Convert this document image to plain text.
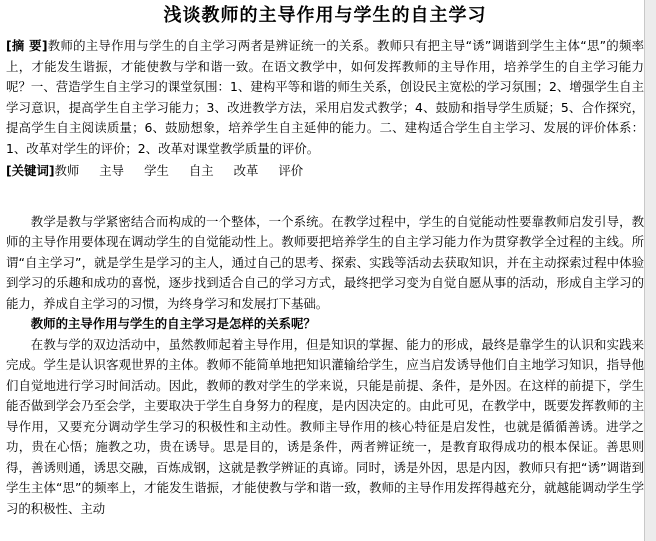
浅谈教师的主导作用与学生的自主学习

[摘 要]教师的主导作用与学生的自主学习两者是辨证统一的关系。教师只有把主导“诱”调谐到学生主体“思”的频率上，才能发生谐振，才能使教与学和谐一致。在语文教学中，如何发挥教师的主导作用，培养学生的自主学习能力呢？一、营造学生自主学习的课堂氛围：1、建构平等和谐的师生关系，创设民主宽松的学习氛围；2、增强学生自主学习意识，提高学生自主学习能力；3、改进教学方法，采用启发式教学；4、鼓励和指导学生质疑；5、合作探究，提高学生自主阅读质量；6、鼓励想象，培养学生自主延伸的能力。二、建构适合学生自主学习、发展的评价体系：1、改革对学生的评价；2、改革对课堂教学质量的评价。

[关键词]教师 主导 学生 自主 改革 评价

教学是教与学紧密结合而构成的一个整体，一个系统。在教学过程中，学生的自觉能动性要靠教师启发引导，教师的主导作用要体现在调动学生的自觉能动性上。教师要把培养学生的自主学习能力作为贯穿教学全过程的主线。所谓“自主学习”，就是学生是学习的主人，通过自己的思考、探索、实践等活动去获取知识，并在主动探索过程中体验到学习的乐趣和成功的喜悦，逐步找到适合自己的学习方式，最终把学习变为自觉自愿从事的活动，形成自主学习的能力，养成自主学习的习惯，为终身学习和发展打下基础。

教师的主导作用与学生的自主学习是怎样的关系呢？

在教与学的双边活动中，虽然教师起着主导作用，但是知识的掌握、能力的形成，最终是靠学生的认识和实践来完成。学生是认识客观世界的主体。教师不能简单地把知识灌输给学生，应当启发诱导他们自主地学习知识，指导他们自觉地进行学习时间活动。因此，教师的教对学生的学来说，只能是前提、条件，是外因。在这样的前提下，学生能否做到学会乃至会学，主要取决于学生自身努力的程度，是内因决定的。由此可见，在教学中，既要发挥教师的主导作用，又要充分调动学生学习的积极性和主动性。教师主导作用的核心特征是启发性，也就是循循善诱。进学之功，贵在心悟；施教之功，贵在诱导。思是目的，诱是条件，两者辨证统一，是教育取得成功的根本保证。善思则得，善诱则通，诱思交融，百炼成钢，这就是教学辨证的真谛。同时，诱是外因，思是内因，教师只有把“诱”调谐到学生主体“思”的频率上，才能发生谐振，才能使教与学和谐一致，教师的主导作用发挥得越充分，就越能调动学生学习的积极性、主动
